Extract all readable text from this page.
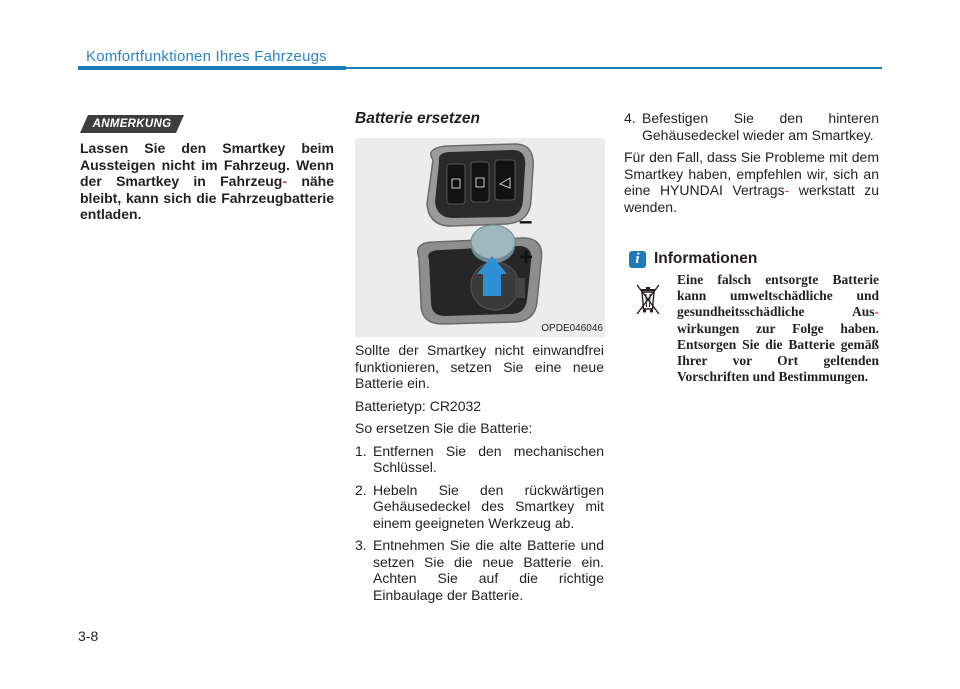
Komfortfunktionen Ihres Fahrzeugs
ANMERKUNG

Lassen Sie den Smartkey beim Aussteigen nicht im Fahrzeug. Wenn der Smartkey in Fahrzeug- nähe bleibt, kann sich die Fahrzeugbatterie entladen.

Batterie ersetzen
–
+
OPDE046046

Sollte der Smartkey nicht einwandfrei funktionieren, setzen Sie eine neue Batterie ein.

Batterietyp: CR2032

So ersetzen Sie die Batterie:

1. Entfernen Sie den mechanischen Schlüssel.
2. Hebeln Sie den rückwärtigen Gehäusedeckel des Smartkey mit einem geeigneten Werkzeug ab.
3. Entnehmen Sie die alte Batterie und setzen Sie die neue Batterie ein. Achten Sie auf die richtige Einbaulage der Batterie.
4. Befestigen Sie den hinteren Gehäusedeckel wieder am Smartkey.

Für den Fall, dass Sie Probleme mit dem Smartkey haben, empfehlen wir, sich an eine HYUNDAI Vertrags- werkstatt zu wenden.

i Informationen
Eine falsch entsorgte Batterie kann umweltschädliche und gesundheitsschädliche Aus- wirkungen zur Folge haben. Entsorgen Sie die Batterie gemäß Ihrer vor Ort geltenden Vorschriften und Bestimmungen.
3-8
